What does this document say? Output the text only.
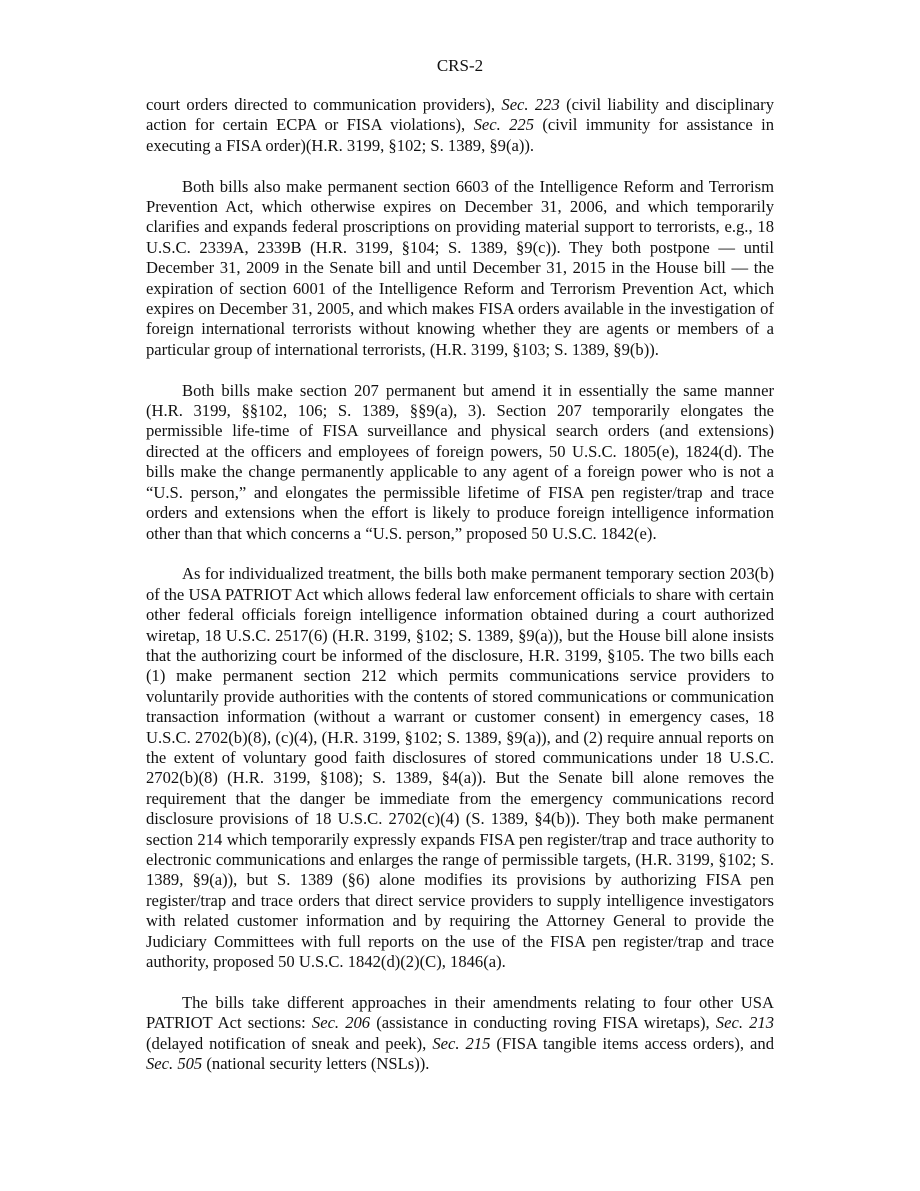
CRS-2

court orders directed to communication providers), Sec. 223 (civil liability and disciplinary action for certain ECPA or FISA violations), Sec. 225 (civil immunity for assistance in executing a FISA order)(H.R. 3199, §102; S. 1389, §9(a)).

Both bills also make permanent section 6603 of the Intelligence Reform and Terrorism Prevention Act, which otherwise expires on December 31, 2006, and which temporarily clarifies and expands federal proscriptions on providing material support to terrorists, e.g., 18 U.S.C. 2339A, 2339B (H.R. 3199, §104; S. 1389, §9(c)). They both postpone — until December 31, 2009 in the Senate bill and until December 31, 2015 in the House bill — the expiration of section 6001 of the Intelligence Reform and Terrorism Prevention Act, which expires on December 31, 2005, and which makes FISA orders available in the investigation of foreign international terrorists without knowing whether they are agents or members of a particular group of international terrorists, (H.R. 3199, §103; S. 1389, §9(b)).

Both bills make section 207 permanent but amend it in essentially the same manner (H.R. 3199, §§102, 106; S. 1389, §§9(a), 3). Section 207 temporarily elongates the permissible life-time of FISA surveillance and physical search orders (and extensions) directed at the officers and employees of foreign powers, 50 U.S.C. 1805(e), 1824(d). The bills make the change permanently applicable to any agent of a foreign power who is not a “U.S. person,” and elongates the permissible lifetime of FISA pen register/trap and trace orders and extensions when the effort is likely to produce foreign intelligence information other than that which concerns a “U.S. person,” proposed 50 U.S.C. 1842(e).

As for individualized treatment, the bills both make permanent temporary section 203(b) of the USA PATRIOT Act which allows federal law enforcement officials to share with certain other federal officials foreign intelligence information obtained during a court authorized wiretap, 18 U.S.C. 2517(6) (H.R. 3199, §102; S. 1389, §9(a)), but the House bill alone insists that the authorizing court be informed of the disclosure, H.R. 3199, §105. The two bills each (1) make permanent section 212 which permits communications service providers to voluntarily provide authorities with the contents of stored communications or communication transaction information (without a warrant or customer consent) in emergency cases, 18 U.S.C. 2702(b)(8), (c)(4), (H.R. 3199, §102; S. 1389, §9(a)), and (2) require annual reports on the extent of voluntary good faith disclosures of stored communications under 18 U.S.C. 2702(b)(8) (H.R. 3199, §108); S. 1389, §4(a)). But the Senate bill alone removes the requirement that the danger be immediate from the emergency communications record disclosure provisions of 18 U.S.C. 2702(c)(4) (S. 1389, §4(b)). They both make permanent section 214 which temporarily expressly expands FISA pen register/trap and trace authority to electronic communications and enlarges the range of permissible targets, (H.R. 3199, §102; S. 1389, §9(a)), but S. 1389 (§6) alone modifies its provisions by authorizing FISA pen register/trap and trace orders that direct service providers to supply intelligence investigators with related customer information and by requiring the Attorney General to provide the Judiciary Committees with full reports on the use of the FISA pen register/trap and trace authority, proposed 50 U.S.C. 1842(d)(2)(C), 1846(a).

The bills take different approaches in their amendments relating to four other USA PATRIOT Act sections: Sec. 206 (assistance in conducting roving FISA wiretaps), Sec. 213 (delayed notification of sneak and peek), Sec. 215 (FISA tangible items access orders), and Sec. 505 (national security letters (NSLs)).
